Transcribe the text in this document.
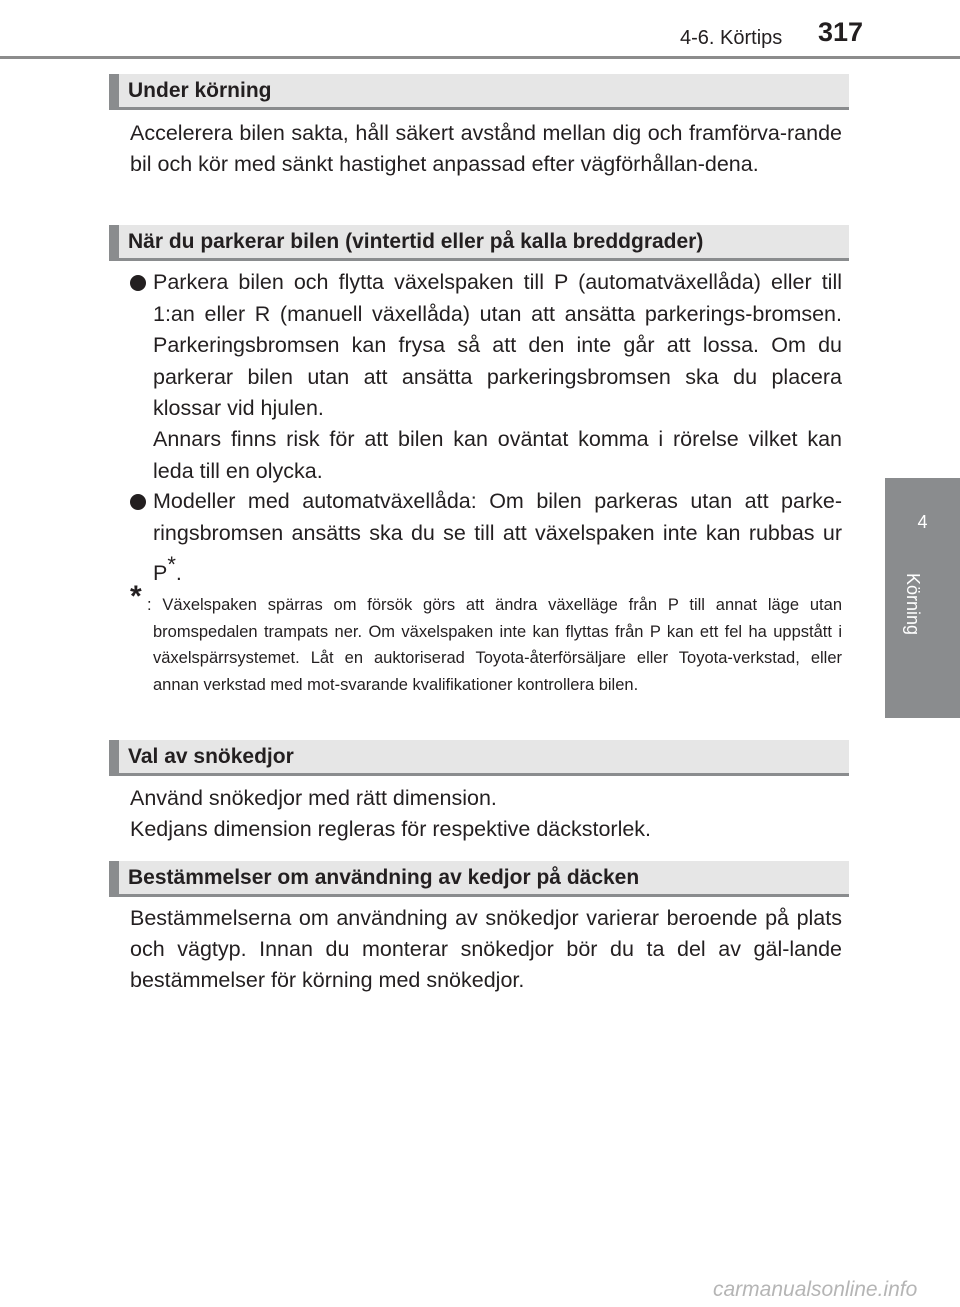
4-6. Körtips 317
4
Körning
Under körning
Accelerera bilen sakta, håll säkert avstånd mellan dig och framförva-rande bil och kör med sänkt hastighet anpassad efter vägförhållan-dena.
När du parkerar bilen (vintertid eller på kalla breddgrader)
Parkera bilen och flytta växelspaken till P (automatväxellåda) eller till 1:an eller R (manuell växellåda) utan att ansätta parkerings-bromsen. Parkeringsbromsen kan frysa så att den inte går att lossa. Om du parkerar bilen utan att ansätta parkeringsbromsen ska du placera klossar vid hjulen.
Annars finns risk för att bilen kan oväntat komma i rörelse vilket kan leda till en olycka.
Modeller med automatväxellåda: Om bilen parkeras utan att parke-ringsbromsen ansätts ska du se till att växelspaken inte kan rubbas ur P*.
* : Växelspaken spärras om försök görs att ändra växelläge från P till annat läge utan bromspedalen trampats ner. Om växelspaken inte kan flyttas från P kan ett fel ha uppstått i växelspärrsystemet. Låt en auktoriserad Toyota-återförsäljare eller Toyota-verkstad, eller annan verkstad med mot-svarande kvalifikationer kontrollera bilen.
Val av snökedjor
Använd snökedjor med rätt dimension.
Kedjans dimension regleras för respektive däckstorlek.
Bestämmelser om användning av kedjor på däcken
Bestämmelserna om användning av snökedjor varierar beroende på plats och vägtyp. Innan du monterar snökedjor bör du ta del av gäl-lande bestämmelser för körning med snökedjor.
carmanualsonline.info
